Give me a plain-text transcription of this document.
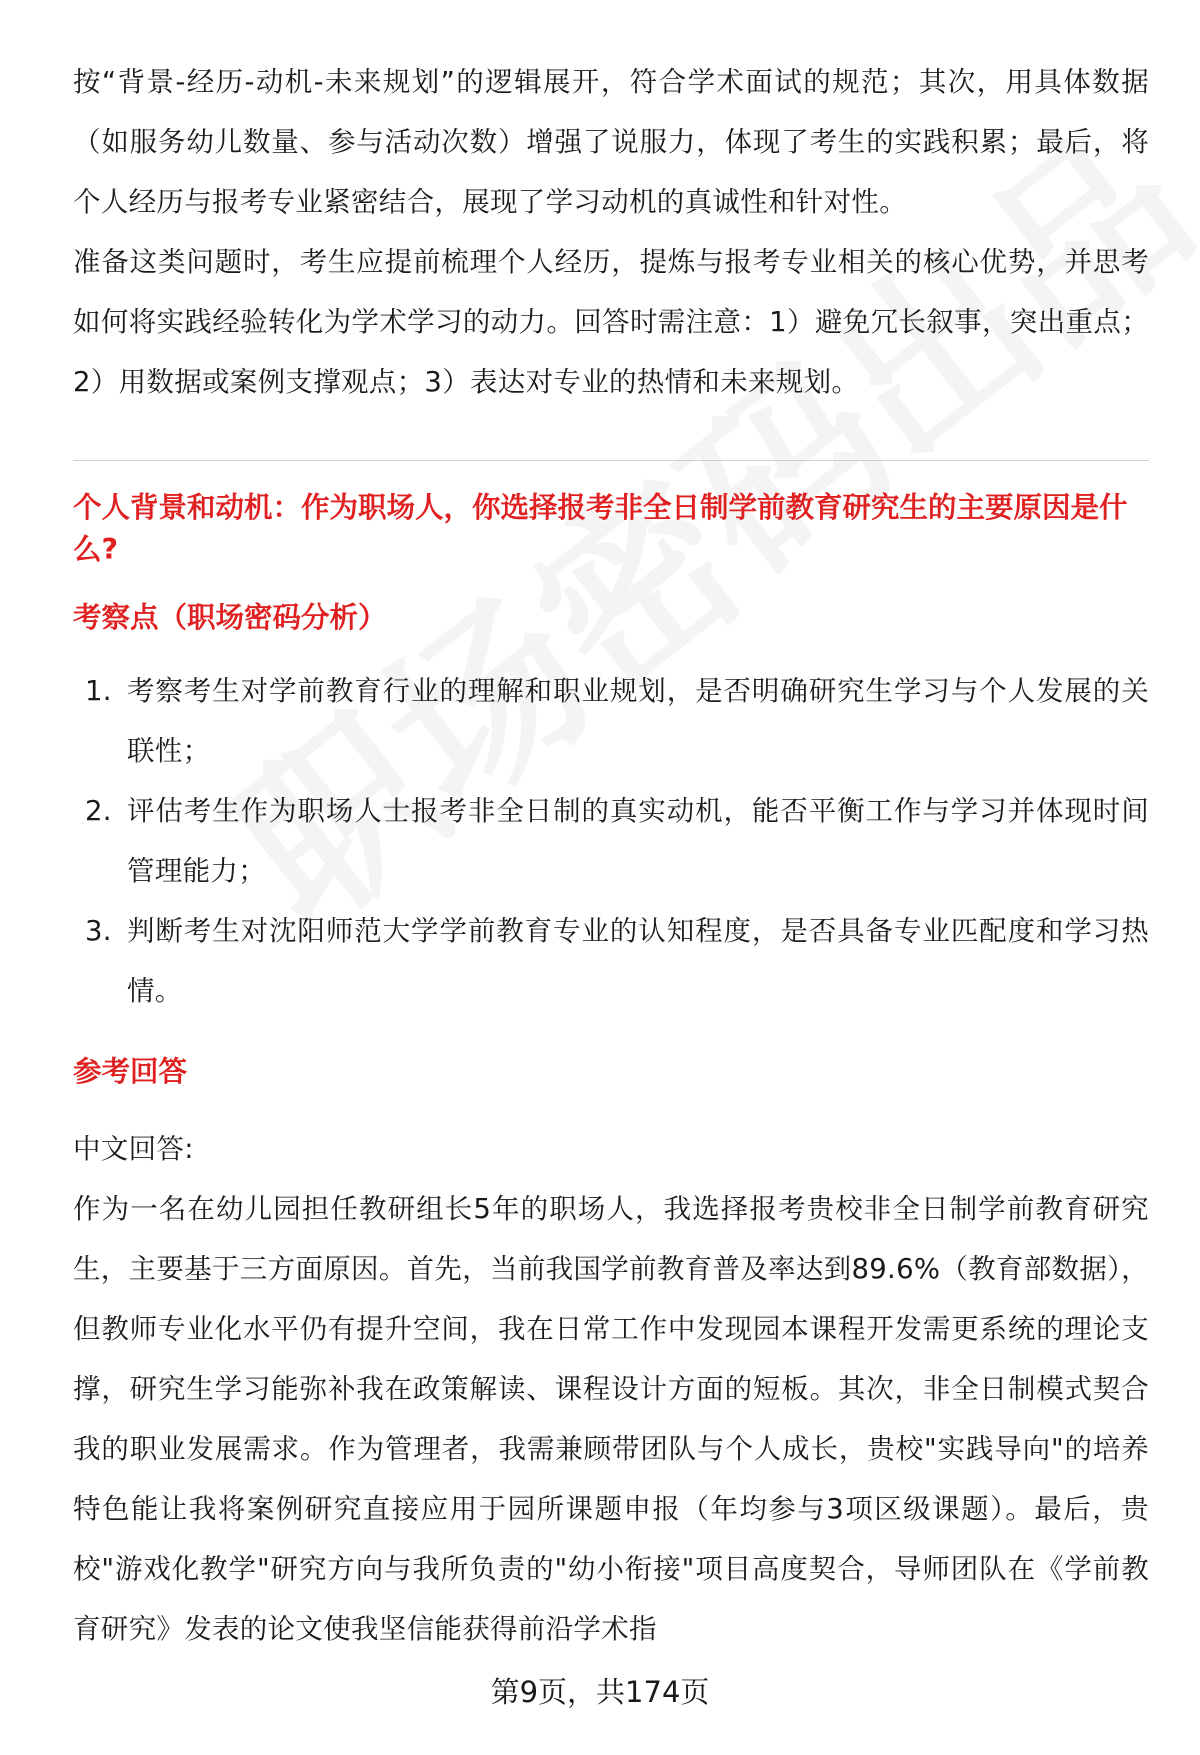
按“背景-经历-动机-未来规划”的逻辑展开，符合学术面试的规范；其次，用具体数据（如服务幼儿数量、参与活动次数）增强了说服力，体现了考生的实践积累；最后，将个人经历与报考专业紧密结合，展现了学习动机的真诚性和针对性。

准备这类问题时，考生应提前梳理个人经历，提炼与报考专业相关的核心优势，并思考如何将实践经验转化为学术学习的动力。回答时需注意：1）避免冗长叙事，突出重点；2）用数据或案例支撑观点；3）表达对专业的热情和未来规划。

个人背景和动机：作为职场人，你选择报考非全日制学前教育研究生的主要原因是什么?

考察点（职场密码分析）

1. 考察考生对学前教育行业的理解和职业规划，是否明确研究生学习与个人发展的关联性；
2. 评估考生作为职场人士报考非全日制的真实动机，能否平衡工作与学习并体现时间管理能力；
3. 判断考生对沈阳师范大学学前教育专业的认知程度，是否具备专业匹配度和学习热情。

参考回答

中文回答:

作为一名在幼儿园担任教研组长5年的职场人，我选择报考贵校非全日制学前教育研究生，主要基于三方面原因。首先，当前我国学前教育普及率达到89.6%（教育部数据），但教师专业化水平仍有提升空间，我在日常工作中发现园本课程开发需更系统的理论支撑，研究生学习能弥补我在政策解读、课程设计方面的短板。其次，非全日制模式契合我的职业发展需求。作为管理者，我需兼顾带团队与个人成长，贵校"实践导向"的培养特色能让我将案例研究直接应用于园所课题申报（年均参与3项区级课题）。最后，贵校"游戏化教学"研究方向与我所负责的"幼小衔接"项目高度契合，导师团队在《学前教育研究》发表的论文使我坚信能获得前沿学术指

第9页，共174页
